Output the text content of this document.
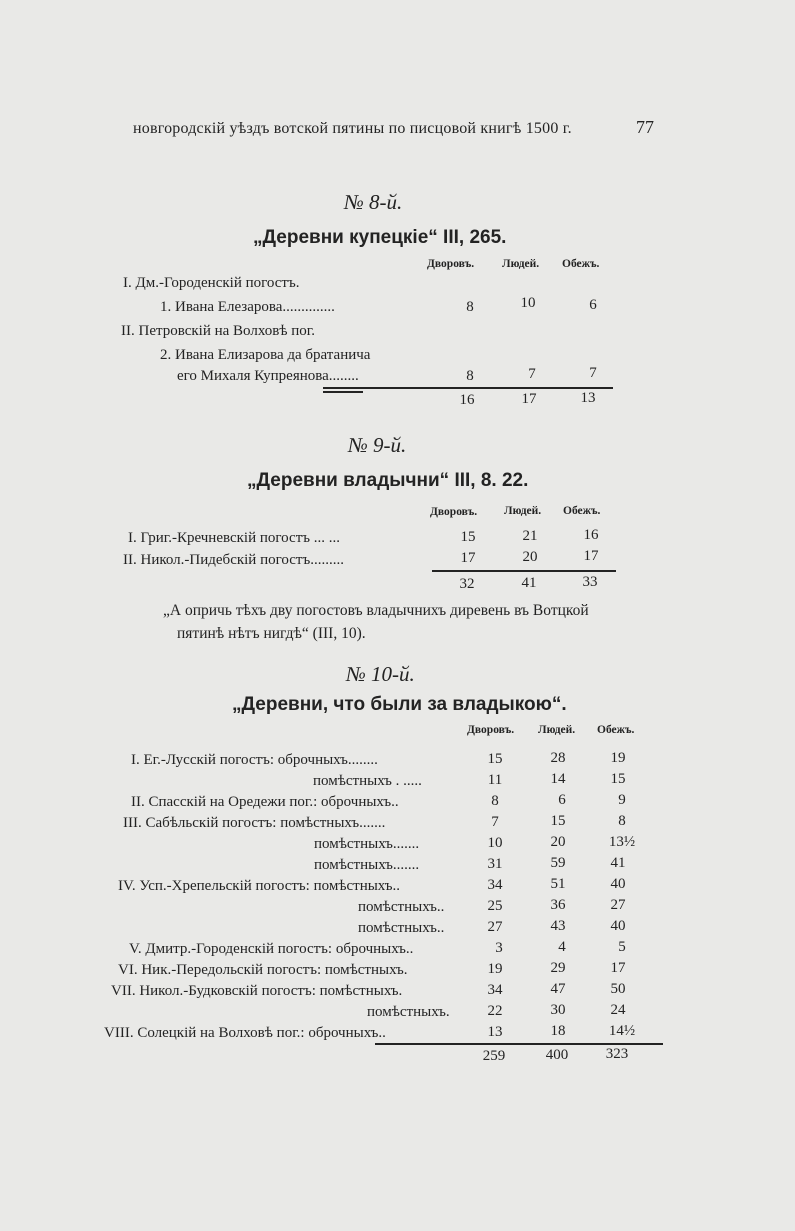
новгородскій уѣздъ вотской пятины по писцовой книгѣ 1500 г.	77
№ 8-й.
„Деревни купецкіе“ III, 265.
Дворовъ. Людей. Обежъ.
I. Дм.-Городенскій погостъ.
1. Ивана Елезарова..............	8	10	6
II. Петровскій на Волховѣ пог.
2. Ивана Елизарова да братанича
его Михаля Купреянова........	8	7	7
16	17	13
№ 9-й.
„Деревни владычни“ III, 8. 22.
Дворовъ. Людей. Обежъ.
I. Григ.-Кречневскій погостъ ... ...	15	21	16
II. Никол.-Пидебскій погостъ.........	17	20	17
32	41	33
„А опричь тѣхъ дву погостовъ владычнихъ диревень въ Вотцкой
пятинѣ нѣтъ нигдѣ“ (III, 10).
№ 10-й.
„Деревни, что были за владыкою“.
Дворовъ. Людей. Обежъ.
I. Ег.-Лусскій погостъ: оброчныхъ........	15	28	19
помѣстныхъ . .....	11	14	15
II. Спасскій на Оредежи пог.: оброчныхъ..	8	6	9
III. Сабѣльскій погостъ: помѣстныхъ.......	7	15	8
помѣстныхъ.......	10	20	13½
помѣстныхъ.......	31	59	41
IV. Усп.-Хрепельскій погостъ: помѣстныхъ..	34	51	40
помѣстныхъ..	25	36	27
помѣстныхъ..	27	43	40
V. Дмитр.-Городенскій погостъ: оброчныхъ..	3	4	5
VI. Ник.-Передольскій погостъ: помѣстныхъ.	19	29	17
VII. Никол.-Будковскій погостъ: помѣстныхъ.	34	47	50
помѣстныхъ.	22	30	24
VIII. Солецкій на Волховѣ пог.: оброчныхъ..	13	18	14½
259	400	323
